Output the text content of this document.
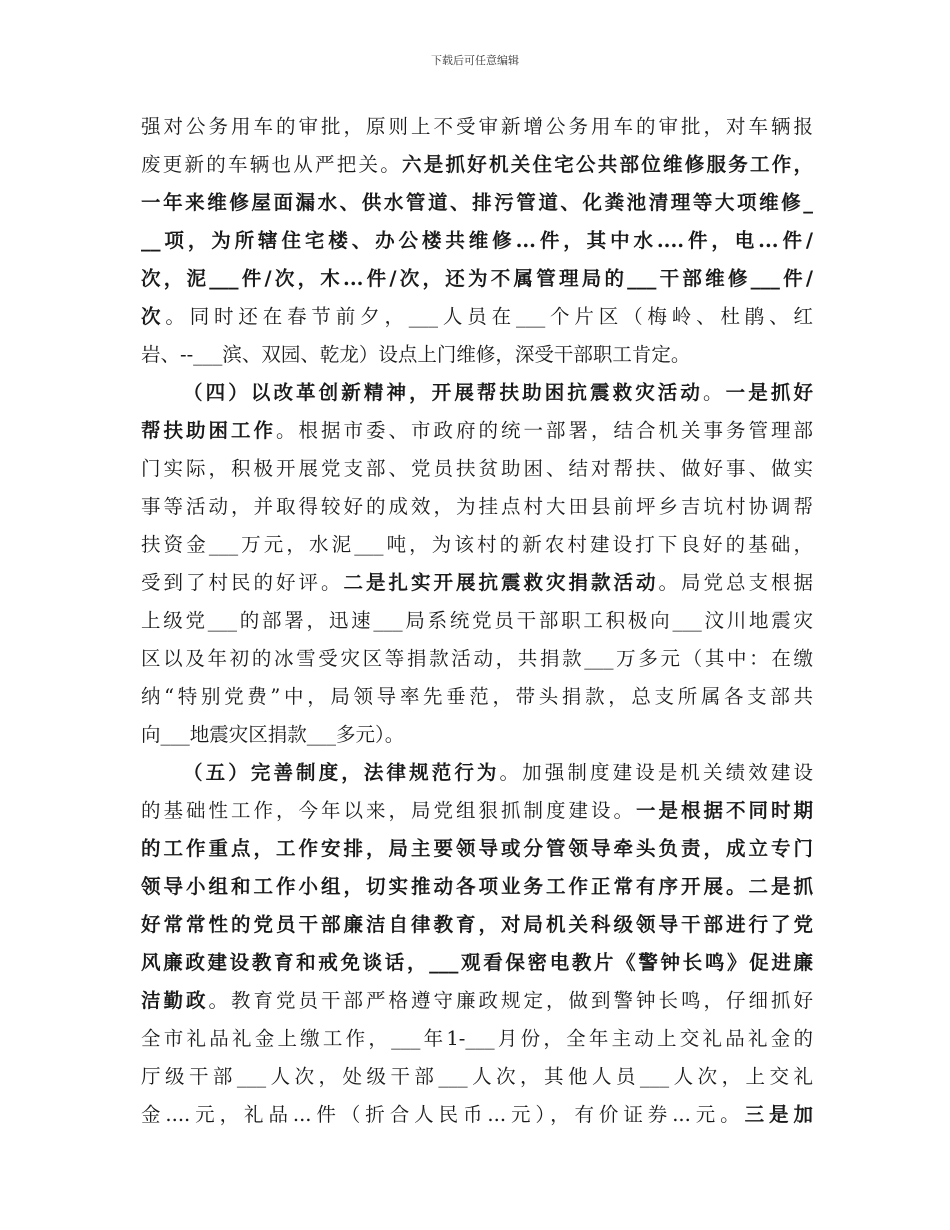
下载后可任意编辑
强对公务用车的审批，原则上不受审新增公务用车的审批，对车辆报
废更新的车辆也从严把关。六是抓好机关住宅公共部位维修服务工作，
一年来维修屋面漏水、供水管道、排污管道、化粪池清理等大项维修_
__项，为所辖住宅楼、办公楼共维修...件，其中水....件，电...件/
次，泥___件/次，木...件/次，还为不属管理局的___干部维修___件/
次。同时还在春节前夕，___人员在___个片区（梅岭、杜鹃、红
岩、--___滨、双园、乾龙）设点上门维修，深受干部职工肯定。
（四）以改革创新精神，开展帮扶助困抗震救灾活动。一是抓好
帮扶助困工作。根据市委、市政府的统一部署，结合机关事务管理部
门实际，积极开展党支部、党员扶贫助困、结对帮扶、做好事、做实
事等活动，并取得较好的成效，为挂点村大田县前坪乡吉坑村协调帮
扶资金___万元，水泥___吨，为该村的新农村建设打下良好的基础，
受到了村民的好评。二是扎实开展抗震救灾捐款活动。局党总支根据
上级党___的部署，迅速___局系统党员干部职工积极向___汶川地震灾
区以及年初的冰雪受灾区等捐款活动，共捐款___万多元（其中：在缴
纳“特别党费”中，局领导率先垂范，带头捐款，总支所属各支部共
向___地震灾区捐款___多元）。
（五）完善制度，法律规范行为。加强制度建设是机关绩效建设
的基础性工作，今年以来，局党组狠抓制度建设。一是根据不同时期
的工作重点，工作安排，局主要领导或分管领导牵头负责，成立专门
领导小组和工作小组，切实推动各项业务工作正常有序开展。二是抓
好常常性的党员干部廉洁自律教育，对局机关科级领导干部进行了党
风廉政建设教育和戒免谈话，___观看保密电教片《警钟长鸣》促进廉
洁勤政。教育党员干部严格遵守廉政规定，做到警钟长鸣，仔细抓好
全市礼品礼金上缴工作，___年1-___月份，全年主动上交礼品礼金的
厅级干部___人次，处级干部___人次，其他人员___人次，上交礼
金....元，礼品...件（折合人民币...元），有价证券...元。三是加
